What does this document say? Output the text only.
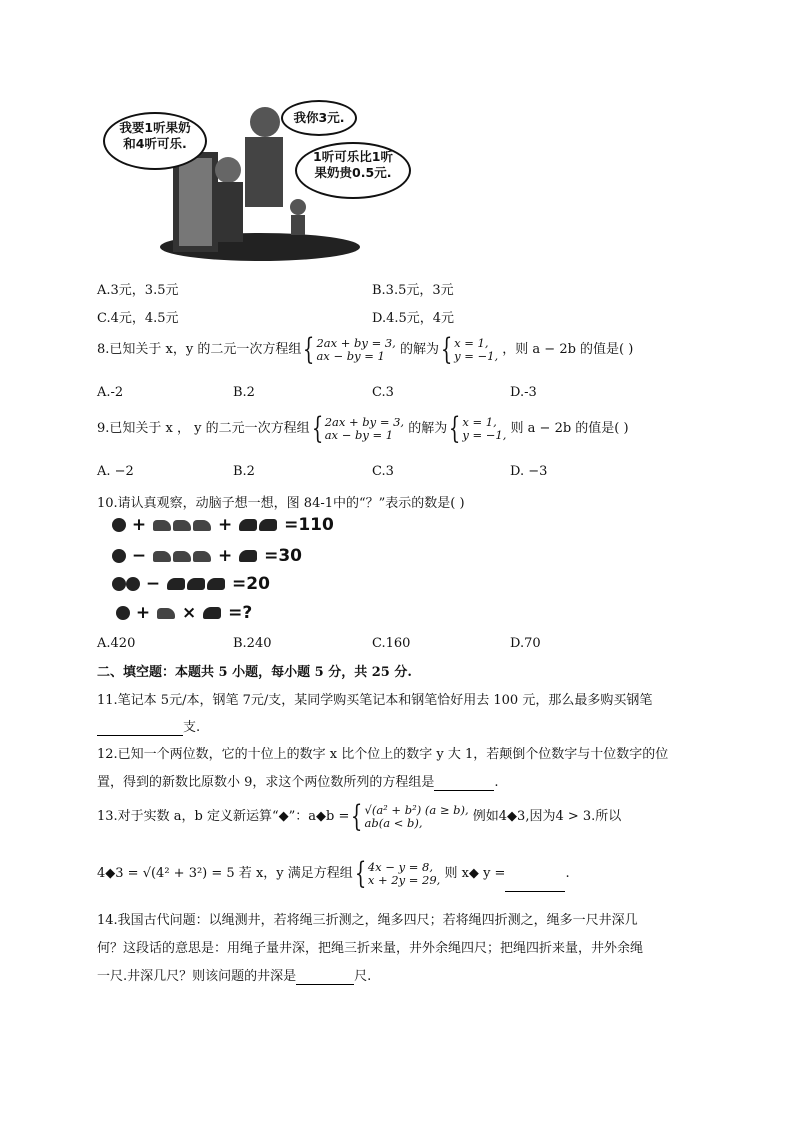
我要1听果奶
和4听可乐.
我你3元.
1听可乐比1听
果奶贵0.5元.
A.3元，3.5元	B.3.5元，3元
C.4元，4.5元	D.4.5元，4元
8.已知关于 x，y 的二元一次方程组{ 2ax + by = 3,
ax − by = 1 的解为{ x = 1,
y = −1, ，则 a − 2b 的值是( )
A.-2	B.2	C.3	D.-3
9.已知关于 x ， y 的二元一次方程组{ 2ax + by = 3,
ax − by = 1 的解为{ x = 1,
y = −1, 则 a − 2b 的值是( )
A. −2	B.2	C.3	D. −3
10.请认真观察，动脑子想一想，图 84-1中的“？”表示的数是( )
+	+	=110
−	+ =30
−	=20
+ × =?
A.420	B.240	C.160	D.70
二、填空题：本题共 5 小题，每小题 5 分，共 25 分.
11.笔记本 5元/本，钢笔 7元/支，某同学购买笔记本和钢笔恰好用去 100 元，那么最多购买钢笔
支.
12.已知一个两位数，它的十位上的数字 x 比个位上的数字 y 大 1，若颠倒个位数字与十位数字的位
置，得到的新数比原数小 9，求这个两位数所列的方程组是	.
13.对于实数 a，b 定义新运算“◆”：a◆b ={ √(a² + b²) (a ≥ b),
ab(a < b),	例如4◆3,因为4 > 3.所以
4◆3 = √(4² + 3²) = 5 若 x，y 满足方程组{ 4x − y = 8,
x + 2y = 29, 则 x◆ y =	.
14.我国古代问题：以绳测井，若将绳三折测之，绳多四尺；若将绳四折测之，绳多一尺井深几
何？这段话的意思是：用绳子量井深，把绳三折来量，井外余绳四尺；把绳四折来量，井外余绳
一尺.井深几尺？则该问题的井深是	尺.
